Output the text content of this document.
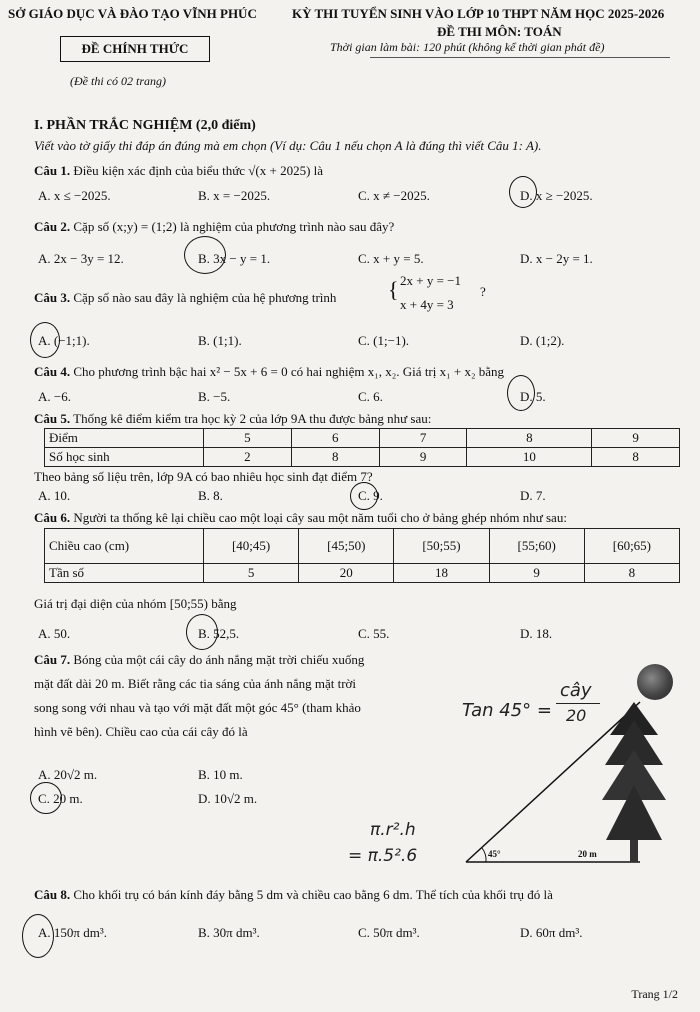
SỞ GIÁO DỤC VÀ ĐÀO TẠO VĨNH PHÚC
ĐỀ CHÍNH THỨC
(Đề thi có 02 trang)
KỲ THI TUYỂN SINH VÀO LỚP 10 THPT NĂM HỌC 2025-2026
ĐỀ THI MÔN: TOÁN
Thời gian làm bài: 120 phút (không kể thời gian phát đề)
I. PHẦN TRẮC NGHIỆM (2,0 điểm)
Viết vào tờ giấy thi đáp án đúng mà em chọn (Ví dụ: Câu 1 nếu chọn A là đúng thì viết Câu 1: A).
Câu 1. Điều kiện xác định của biểu thức √(x + 2025) là
A. x ≤ −2025.	B. x = −2025.	C. x ≠ −2025.	D. x ≥ −2025.
Câu 2. Cặp số (x;y) = (1;2) là nghiệm của phương trình nào sau đây?
A. 2x − 3y = 12.	B. 3x − y = 1.	C. x + y = 5.	D. x − 2y = 1.
Câu 3. Cặp số nào sau đây là nghiệm của hệ phương trình { 2x + y = −1
x + 4y = 3
?
A. (−1;1).	B. (1;1).	C. (1;−1).	D. (1;2).
Câu 4. Cho phương trình bậc hai x² − 5x + 6 = 0 có hai nghiệm x₁, x₂. Giá trị x₁ + x₂ bằng
A. −6.	B. −5.	C. 6.	D. 5.
Câu 5. Thống kê điểm kiểm tra học kỳ 2 của lớp 9A thu được bảng như sau:
Điểm	5	6	7	8	9
Số học sinh	2	8	9	10	8
Theo bảng số liệu trên, lớp 9A có bao nhiêu học sinh đạt điểm 7?
A. 10.	B. 8.	C. 9.	D. 7.
Câu 6. Người ta thống kê lại chiều cao một loại cây sau một năm tuổi cho ở bảng ghép nhóm như sau:
Chiều cao (cm)	[40;45)	[45;50)	[50;55)	[55;60)	[60;65)
Tần số	5	20	18	9	8
Giá trị đại diện của nhóm [50;55) bằng
A. 50.	B. 52,5.	C. 55.	D. 18.
Câu 7. Bóng của một cái cây do ánh nắng mặt trời chiếu xuống
mặt đất dài 20 m. Biết rằng các tia sáng của ánh nắng mặt trời
song song với nhau và tạo với mặt đất một góc 45° (tham khảo
hình vẽ bên). Chiều cao của cái cây đó là
A. 20√2 m.	B. 10 m.
C. 20 m.	D. 10√2 m.
45°	20 m
Tan 45° =
cây
20
π.r².h
= π.5².6
Câu 8. Cho khối trụ có bán kính đáy bằng 5 dm và chiều cao bằng 6 dm. Thể tích của khối trụ đó là
A. 150π dm³.	B. 30π dm³.	C. 50π dm³.	D. 60π dm³.
Trang 1/2
